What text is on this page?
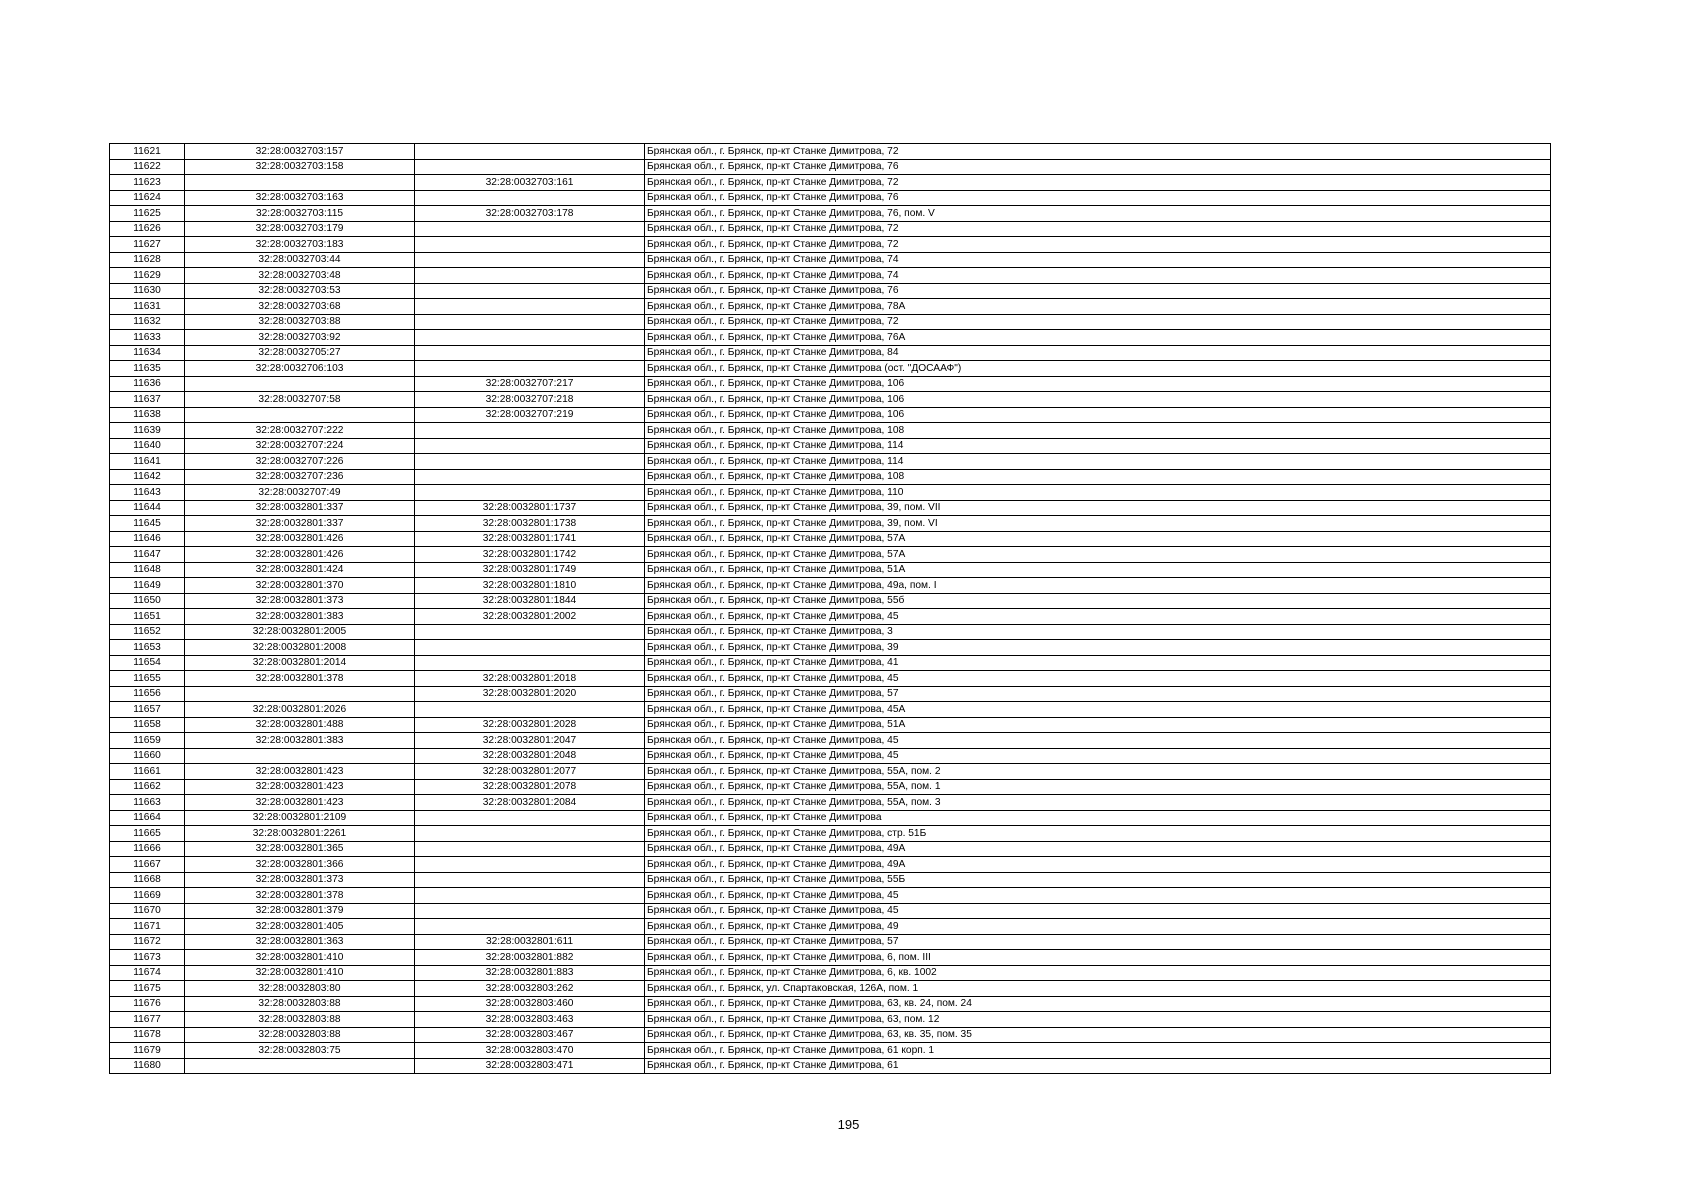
11621	32:28:0032703:157		Брянская обл., г. Брянск, пр-кт Станке Димитрова, 72
11622	32:28:0032703:158		Брянская обл., г. Брянск, пр-кт Станке Димитрова, 76
11623		32:28:0032703:161	Брянская обл., г. Брянск, пр-кт Станке Димитрова, 72
11624	32:28:0032703:163		Брянская обл., г. Брянск, пр-кт Станке Димитрова, 76
11625	32:28:0032703:115	32:28:0032703:178	Брянская обл., г. Брянск, пр-кт Станке Димитрова, 76, пом. V
11626	32:28:0032703:179		Брянская обл., г. Брянск, пр-кт Станке Димитрова, 72
11627	32:28:0032703:183		Брянская обл., г. Брянск, пр-кт Станке Димитрова, 72
11628	32:28:0032703:44		Брянская обл., г. Брянск, пр-кт Станке Димитрова, 74
11629	32:28:0032703:48		Брянская обл., г. Брянск, пр-кт Станке Димитрова, 74
11630	32:28:0032703:53		Брянская обл., г. Брянск, пр-кт Станке Димитрова, 76
11631	32:28:0032703:68		Брянская обл., г. Брянск, пр-кт Станке Димитрова, 78А
11632	32:28:0032703:88		Брянская обл., г. Брянск, пр-кт Станке Димитрова, 72
11633	32:28:0032703:92		Брянская обл., г. Брянск, пр-кт Станке Димитрова, 76А
11634	32:28:0032705:27		Брянская обл., г. Брянск, пр-кт Станке Димитрова, 84
11635	32:28:0032706:103		Брянская обл., г. Брянск, пр-кт Станке Димитрова (ост. "ДОСААФ")
11636		32:28:0032707:217	Брянская обл., г. Брянск, пр-кт Станке Димитрова, 106
11637	32:28:0032707:58	32:28:0032707:218	Брянская обл., г. Брянск, пр-кт Станке Димитрова, 106
11638		32:28:0032707:219	Брянская обл., г. Брянск, пр-кт Станке Димитрова, 106
11639	32:28:0032707:222		Брянская обл., г. Брянск, пр-кт Станке Димитрова, 108
11640	32:28:0032707:224		Брянская обл., г. Брянск, пр-кт Станке Димитрова, 114
11641	32:28:0032707:226		Брянская обл., г. Брянск, пр-кт Станке Димитрова, 114
11642	32:28:0032707:236		Брянская обл., г. Брянск, пр-кт Станке Димитрова, 108
11643	32:28:0032707:49		Брянская обл., г. Брянск, пр-кт Станке Димитрова, 110
11644	32:28:0032801:337	32:28:0032801:1737	Брянская обл., г. Брянск, пр-кт Станке Димитрова, 39, пом. VII
11645	32:28:0032801:337	32:28:0032801:1738	Брянская обл., г. Брянск, пр-кт Станке Димитрова, 39, пом. VI
11646	32:28:0032801:426	32:28:0032801:1741	Брянская обл., г. Брянск, пр-кт Станке Димитрова, 57А
11647	32:28:0032801:426	32:28:0032801:1742	Брянская обл., г. Брянск, пр-кт Станке Димитрова, 57А
11648	32:28:0032801:424	32:28:0032801:1749	Брянская обл., г. Брянск, пр-кт Станке Димитрова, 51А
11649	32:28:0032801:370	32:28:0032801:1810	Брянская обл., г. Брянск, пр-кт Станке Димитрова, 49а, пом. I
11650	32:28:0032801:373	32:28:0032801:1844	Брянская обл., г. Брянск, пр-кт Станке Димитрова, 55б
11651	32:28:0032801:383	32:28:0032801:2002	Брянская обл., г. Брянск, пр-кт Станке Димитрова, 45
11652	32:28:0032801:2005		Брянская обл., г. Брянск, пр-кт Станке Димитрова, 3
11653	32:28:0032801:2008		Брянская обл., г. Брянск, пр-кт Станке Димитрова, 39
11654	32:28:0032801:2014		Брянская обл., г. Брянск, пр-кт Станке Димитрова, 41
11655	32:28:0032801:378	32:28:0032801:2018	Брянская обл., г. Брянск, пр-кт Станке Димитрова, 45
11656		32:28:0032801:2020	Брянская обл., г. Брянск, пр-кт Станке Димитрова, 57
11657	32:28:0032801:2026		Брянская обл., г. Брянск, пр-кт Станке Димитрова, 45А
11658	32:28:0032801:488	32:28:0032801:2028	Брянская обл., г. Брянск, пр-кт Станке Димитрова, 51А
11659	32:28:0032801:383	32:28:0032801:2047	Брянская обл., г. Брянск, пр-кт Станке Димитрова, 45
11660		32:28:0032801:2048	Брянская обл., г. Брянск, пр-кт Станке Димитрова, 45
11661	32:28:0032801:423	32:28:0032801:2077	Брянская обл., г. Брянск, пр-кт Станке Димитрова, 55А, пом. 2
11662	32:28:0032801:423	32:28:0032801:2078	Брянская обл., г. Брянск, пр-кт Станке Димитрова, 55А, пом. 1
11663	32:28:0032801:423	32:28:0032801:2084	Брянская обл., г. Брянск, пр-кт Станке Димитрова, 55А, пом. 3
11664	32:28:0032801:2109		Брянская обл., г. Брянск, пр-кт Станке Димитрова
11665	32:28:0032801:2261		Брянская обл., г. Брянск, пр-кт Станке Димитрова, стр. 51Б
11666	32:28:0032801:365		Брянская обл., г. Брянск, пр-кт Станке Димитрова, 49А
11667	32:28:0032801:366		Брянская обл., г. Брянск, пр-кт Станке Димитрова, 49А
11668	32:28:0032801:373		Брянская обл., г. Брянск, пр-кт Станке Димитрова, 55Б
11669	32:28:0032801:378		Брянская обл., г. Брянск, пр-кт Станке Димитрова, 45
11670	32:28:0032801:379		Брянская обл., г. Брянск, пр-кт Станке Димитрова, 45
11671	32:28:0032801:405		Брянская обл., г. Брянск, пр-кт Станке Димитрова, 49
11672	32:28:0032801:363	32:28:0032801:611	Брянская обл., г. Брянск, пр-кт Станке Димитрова, 57
11673	32:28:0032801:410	32:28:0032801:882	Брянская обл., г. Брянск, пр-кт Станке Димитрова, 6, пом. III
11674	32:28:0032801:410	32:28:0032801:883	Брянская обл., г. Брянск, пр-кт Станке Димитрова, 6, кв. 1002
11675	32:28:0032803:80	32:28:0032803:262	Брянская обл., г. Брянск, ул. Спартаковская, 126А, пом. 1
11676	32:28:0032803:88	32:28:0032803:460	Брянская обл., г. Брянск, пр-кт Станке Димитрова, 63, кв. 24, пом. 24
11677	32:28:0032803:88	32:28:0032803:463	Брянская обл., г. Брянск, пр-кт Станке Димитрова, 63, пом. 12
11678	32:28:0032803:88	32:28:0032803:467	Брянская обл., г. Брянск, пр-кт Станке Димитрова, 63, кв. 35, пом. 35
11679	32:28:0032803:75	32:28:0032803:470	Брянская обл., г. Брянск, пр-кт Станке Димитрова, 61 корп. 1
11680		32:28:0032803:471	Брянская обл., г. Брянск, пр-кт Станке Димитрова, 61
195
